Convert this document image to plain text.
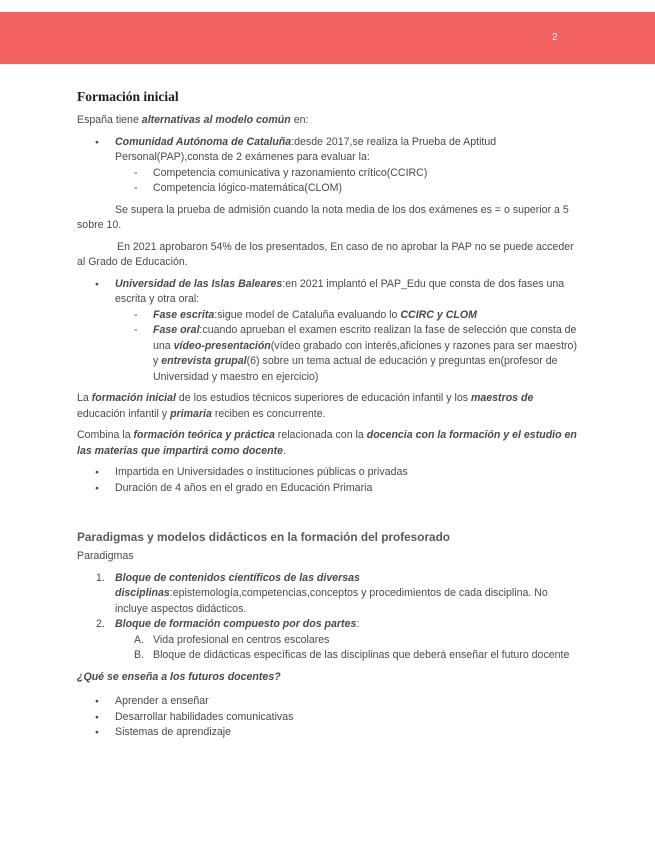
2
Formación inicial

España tiene alternativas al modelo común en:

● Comunidad Autónoma de Cataluña:desde 2017,se realiza la Prueba de Aptitud Personal(PAP),consta de 2 exámenes para evaluar la:
- Competencia comunicativa y razonamiento crítico(CCIRC)
- Competencia lógico-matemática(CLOM)

Se supera la prueba de admisión cuando la nota media de los dos exámenes es = o superior a 5 sobre 10.

En 2021 aprobaron 54% de los presentados, En caso de no aprobar la PAP no se puede acceder al Grado de Educación.

● Universidad de las Islas Baleares:en 2021 implantó el PAP_Edu que consta de dos fases una escrita y otra oral:
- Fase escrita:sigue model de Cataluña evaluando lo CCIRC y CLOM
- Fase oral:cuando aprueban el examen escrito realizan la fase de selección que consta de una vídeo-presentación(vídeo grabado con interés,aficiones y razones para ser maestro) y entrevista grupal(6) sobre un tema actual de educación y preguntas en(profesor de Universidad y maestro en ejercicio)

La formación inicial de los estudios técnicos superiores de educación infantil y los maestros de educación infantil y primaria reciben es concurrente.

Combina la formación teórica y práctica relacionada con la docencia con la formación y el estudio en las materias que impartirá como docente.

● Impartida en Universidades o instituciones públicas o privadas
● Duración de 4 años en el grado en Educación Primaria
Paradigmas y modelos didácticos en la formación del profesorado

Paradigmas

1. Bloque de contenidos científicos de las diversas disciplinas:epistemología,competencias,conceptos y procedimientos de cada disciplina. No incluye aspectos didácticos.
2. Bloque de formación compuesto por dos partes:
A. Vida profesional en centros escolares
B. Bloque de didácticas específicas de las disciplinas que deberá enseñar el futuro docente

¿Qué se enseña a los futuros docentes?

● Aprender a enseñar
● Desarrollar habilidades comunicativas
● Sistemas de aprendizaje
